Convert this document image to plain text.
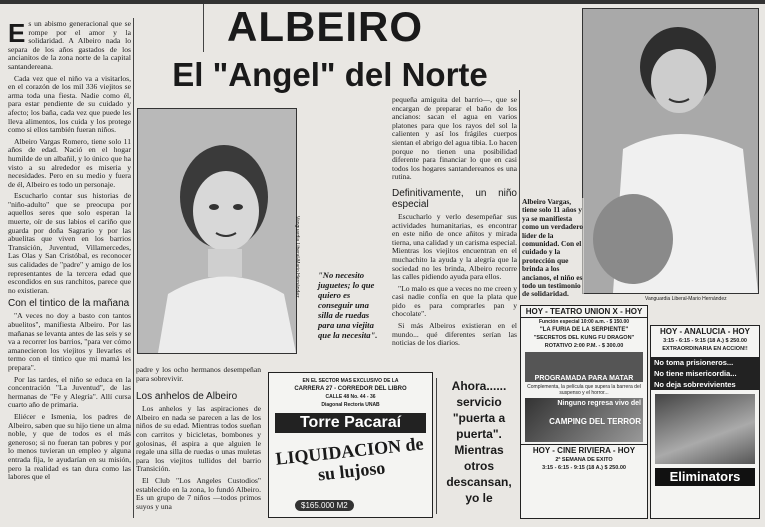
ALBEIRO
El "Angel" del Norte
E s un abismo generacional que se rompe por el amor y la solidaridad. A Albeiro nada lo separa de los años gastados de los ancianitos de la zona norte de la capital santandereana.

Cada vez que el niño va a visitarlos, en el corazón de los mil 336 viejitos se arma toda una fiesta. Nadie como él, para estar pendiente de su cuidado y afecto; los baña, cada vez que puede les lleva alimentos, los cuida y los protege como si ellos también fueran niños.

Albeiro Vargas Romero, tiene solo 11 años de edad. Nació en el hogar humilde de un albañil, y lo único que ha visto a su alrededor es miseria y necesidades. Pero en su medio y fuera de él, Albeiro es todo un personaje.

Escucharlo contar sus historias de "niño-adulto" que se preocupa por aquellos seres que solo esperan la muerte, oír de sus labios el cariño que guarda por doña Sagrario y por las abuelitas que viven en los barrios Transición, Juventud, Villamercedes, Las Olas y San Cristóbal, es reconocer sus calidades de "padre" y amigo de los representantes de la tercera edad que escondidos en sus ranchitos, parece que no existieran.

Con el tintico de la mañana

"A veces no doy a basto con tantos abuelitos", manifiesta Albeiro. Por las mañanas se levanta antes de las seis y se va a recorrer los barrios, "para ver cómo amanecieron los viejitos y llevarles el termo con el tintico que mi mamá les prepara".

Por las tardes, el niño se educa en la concentración "La Juventud", de las hermanas de "Fe y Alegría". Allí cursa cuarto año de primaria.

Eliécer e Ismenia, los padres de Albeiro, saben que su hijo tiene un alma noble, y que de todos es el más generoso; si no fueran tan pobres y por lo menos tuvieran un empleo y alguna entrada fija, le ayudarían en su misión, pero la realidad es tan dura como las labores que el

Vanguardia Liberal-Mario Hernández "No necesito juguetes; lo que quiero es conseguir una silla de ruedas para una viejita que la necesita".

padre y los ocho hermanos desempeñan para sobrevivir.

Los anhelos de Albeiro

Los anhelos y las aspiraciones de Albeiro en nada se parecen a las de los niños de su edad. Mientras todos sueñan con carritos y bicicletas, bombones y golosinas, él aspira a que alguien le regale una silla de ruedas o unas muletas para los viejitos tullidos del barrio Transición.

El Club "Los Angeles Custodios" establecido en la zona, lo fundó Albeiro. Es un grupo de 7 niños —todos primos suyos y una

pequeña amiguita del barrio—, que se encargan de preparar el baño de los ancianos: sacan el agua en varios platones para que los rayos del sol la calienten y así los frágiles cuerpos sientan el abrigo del agua tibia. Lo hacen porque no tienen una posibilidad diferente para financiar lo que en casi todos los hogares santandereanos es una rutina.

Definitivamente, un niño especial

Escucharlo y verlo desempeñar sus actividades humanitarias, es encontrar en este niño de once añitos y mirada tierna, una calidad y un carisma especial. Mientras los viejitos encuentran en el muchachito la ayuda y la alegría que la sociedad no les brinda, Albeiro recorre las calles pidiendo ayuda para ellos.

"Lo malo es que a veces no me creen y casi nadie confía en que la plata que pido es para comprarles pan y chocolate".

Si más Albeiros existieran en el mundo... qué diferentes serían las noticias de los diarios.

Albeiro Vargas, tiene solo 11 años y ya se manifiesta como un verdadero líder de la comunidad. Con el cuidado y la protección que brinda a los ancianos, el niño es todo un testimonio de solidaridad.
Vanguardia Liberal-Mario Hernández
EN EL SECTOR MAS EXCLUSIVO DE LA
CARRERA 27 - CORREDOR DEL LIBRO
CALLE 48 No. 44 - 36
Diagonal Rectoría UNAB
Torre Pacaraí
LIQUIDACION de su lujoso
$165.000 M2
Ahora...... servicio "puerta a puerta". Mientras otros descansan, yo le
HOY - TEATRO UNION X - HOY
Función especial 10:00 a.m. - $ 150.00
"LA FURIA DE LA SERPIENTE"
"SECRETOS DEL KUNG FU DRAGON"
ROTATIVO 2:00 P.M. - $ 300.00
PROGRAMADA PARA MATAR
Complementa, la película que supera la barrera del suspenso y el horror...
Ninguno regresa vivo del
CAMPING DEL TERROR
HOY - CINE RIVIERA - HOY
2ª SEMANA DE EXITO
3:15 - 6:15 - 9:15 (18 A.) $ 250.00
HOY - ANALUCIA - HOY
3:15 - 6:15 - 9:15 (18 A.) $ 250.00
EXTRAORDINARIA EN ACCION!!
No toma prisioneros...
No tiene misericordia...
No deja sobrevivientes
Eliminators
